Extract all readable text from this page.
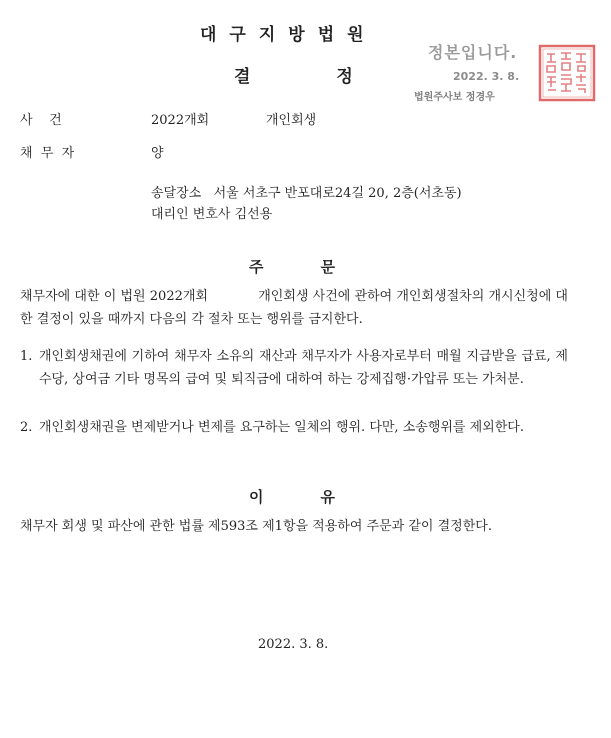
대구지방법원
결정
정본입니다.
2022. 3. 8.
법원주사보 정경우
사    건	2022개회	개인회생
채  무  자	양
송달장소   서울 서초구 반포대로24길 20, 2층(서초동)
대리인 변호사 김선용
주문
채무자에 대한 이 법원 2022개회            개인회생 사건에 관하여 개인회생절차의 개시신청에 대한 결정이 있을 때까지 다음의 각 절차 또는 행위를 금지한다.
1. 개인회생채권에 기하여 채무자 소유의 재산과 채무자가 사용자로부터 매월 지급받을 급료, 제수당, 상여금 기타 명목의 급여 및 퇴직금에 대하여 하는 강제집행·가압류 또는 가처분.
2. 개인회생채권을 변제받거나 변제를 요구하는 일체의 행위. 다만, 소송행위를 제외한다.
이유
채무자 회생 및 파산에 관한 법률 제593조 제1항을 적용하여 주문과 같이 결정한다.
2022. 3. 8.
